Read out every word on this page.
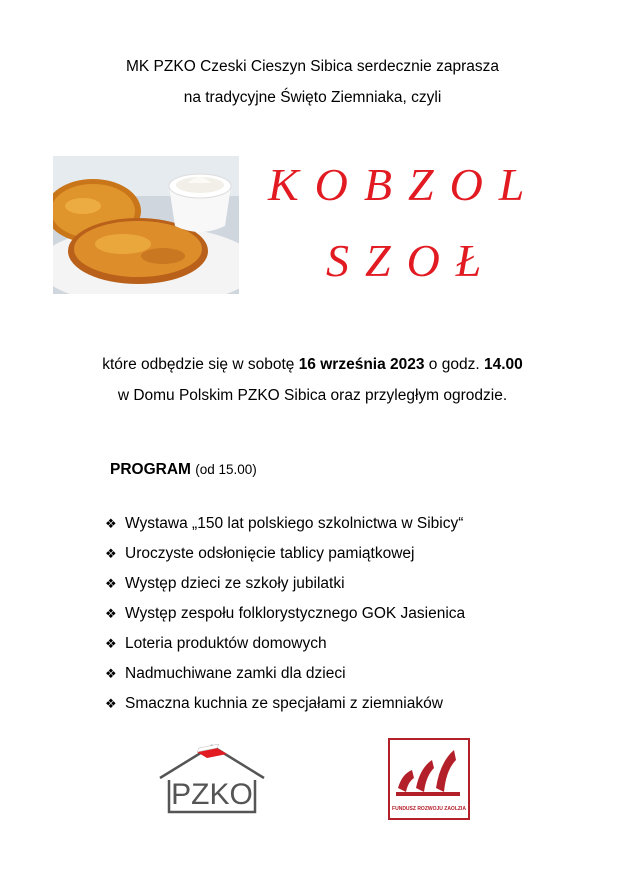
MK PZKO Czeski Cieszyn Sibica serdecznie zaprasza
na tradycyjne Święto Ziemniaka, czyli
KOBZOL
SZOŁ
które odbędzie się w sobotę 16 września 2023 o godz. 14.00
w Domu Polskim PZKO Sibica oraz przyległym ogrodzie.
PROGRAM (od 15.00)
❖ Wystawa „150 lat polskiego szkolnictwa w Sibicy“
❖ Uroczyste odsłonięcie tablicy pamiątkowej
❖ Występ dzieci ze szkoły jubilatki
❖ Występ zespołu folklorystycznego GOK Jasienica
❖ Loteria produktów domowych
❖ Nadmuchiwane zamki dla dzieci
❖ Smaczna kuchnia ze specjałami z ziemniaków
PZKO	FUNDUSZ ROZWOJU ZAOLZIA
